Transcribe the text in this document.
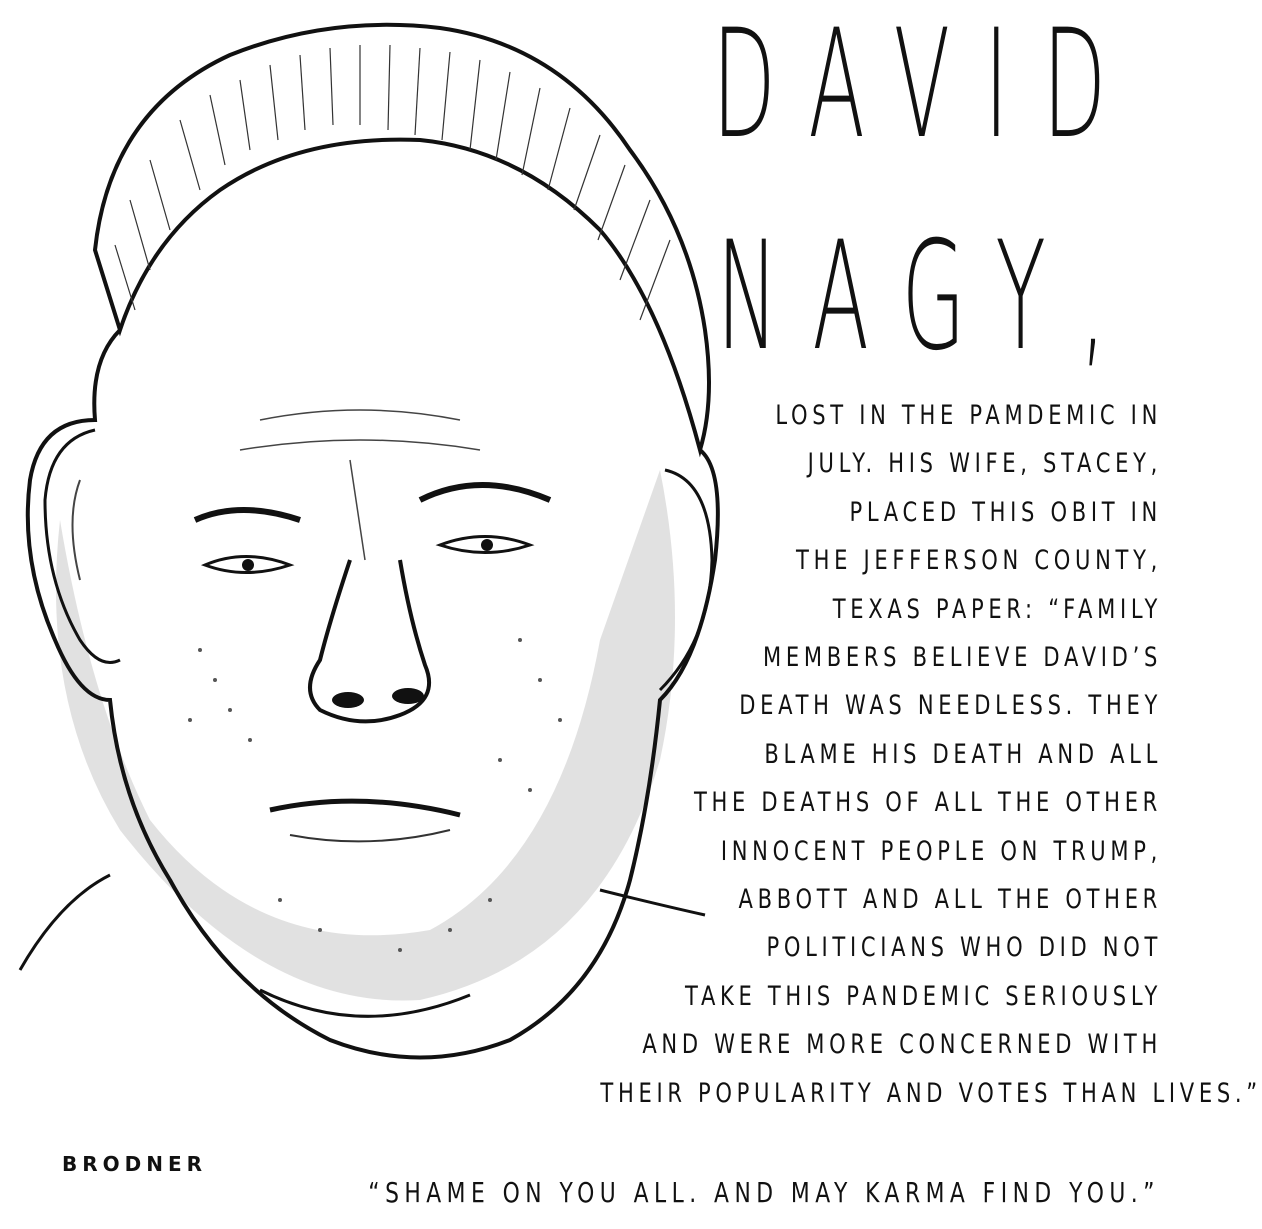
DAVID
NAGY,

LOST IN THE PAMDEMIC IN
JULY. HIS WIFE, STACEY,
PLACED THIS OBIT IN
THE JEFFERSON COUNTY,
TEXAS PAPER: “FAMILY
MEMBERS BELIEVE DAVID’S
DEATH WAS NEEDLESS. THEY
BLAME HIS DEATH AND ALL
THE DEATHS OF ALL THE OTHER
INNOCENT PEOPLE ON TRUMP,
ABBOTT AND ALL THE OTHER
POLITICIANS WHO DID NOT
TAKE THIS PANDEMIC SERIOUSLY
AND WERE MORE CONCERNED WITH
THEIR POPULARITY AND VOTES THAN LIVES.”

“SHAME ON YOU ALL. AND MAY KARMA FIND YOU.”

BRODNER
